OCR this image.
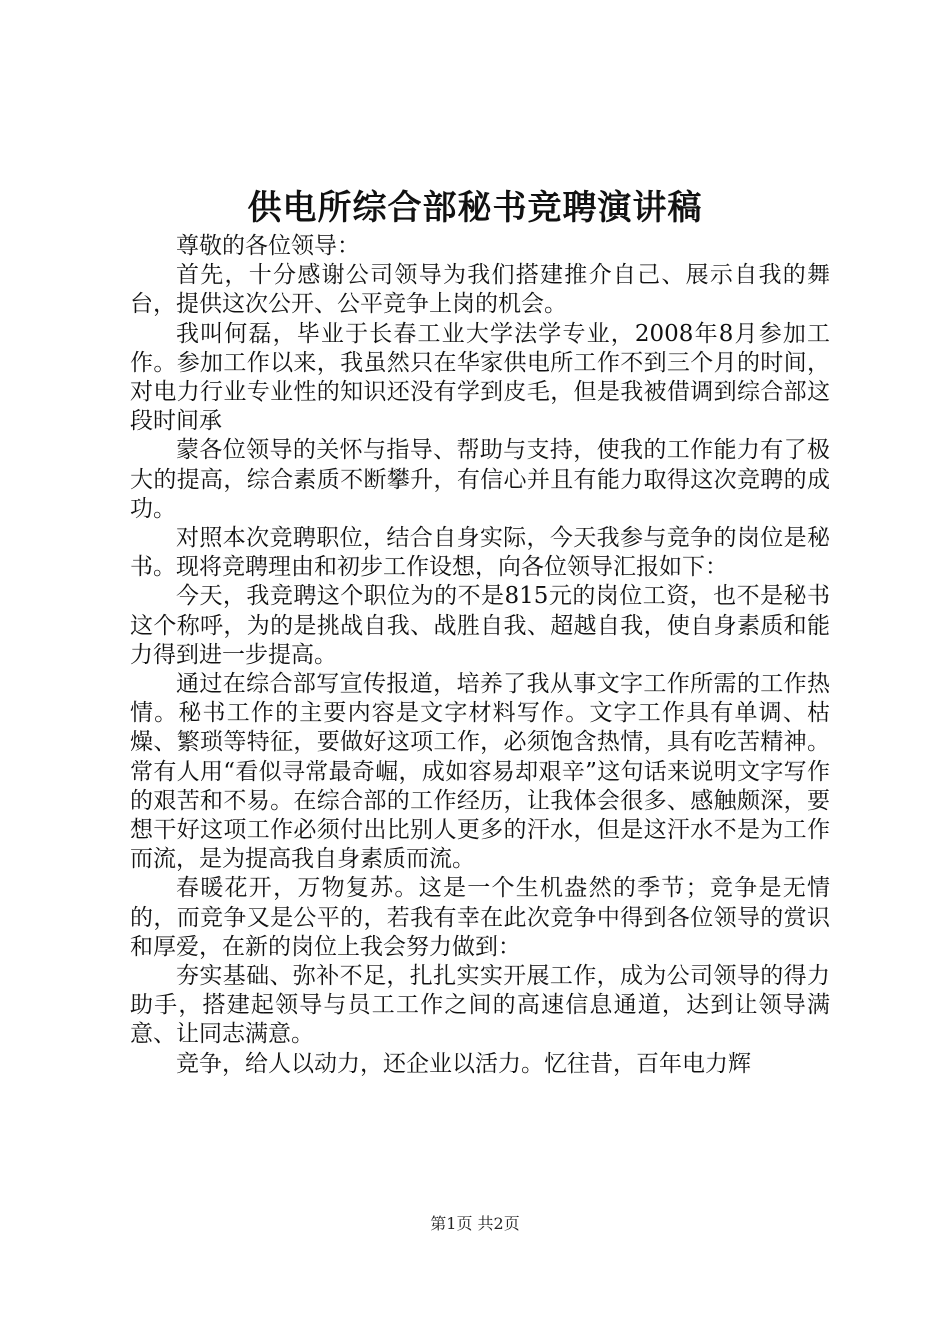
供电所综合部秘书竞聘演讲稿

尊敬的各位领导：

首先，十分感谢公司领导为我们搭建推介自己、展示自我的舞台，提供这次公开、公平竞争上岗的机会。

我叫何磊，毕业于长春工业大学法学专业，2008年8月参加工作。参加工作以来，我虽然只在华家供电所工作不到三个月的时间，对电力行业专业性的知识还没有学到皮毛，但是我被借调到综合部这段时间承

蒙各位领导的关怀与指导、帮助与支持，使我的工作能力有了极大的提高，综合素质不断攀升，有信心并且有能力取得这次竞聘的成功。

对照本次竞聘职位，结合自身实际，今天我参与竞争的岗位是秘书。现将竞聘理由和初步工作设想，向各位领导汇报如下：

今天，我竞聘这个职位为的不是815元的岗位工资，也不是秘书这个称呼，为的是挑战自我、战胜自我、超越自我，使自身素质和能力得到进一步提高。

通过在综合部写宣传报道，培养了我从事文字工作所需的工作热情。秘书工作的主要内容是文字材料写作。文字工作具有单调、枯燥、繁琐等特征，要做好这项工作，必须饱含热情，具有吃苦精神。常有人用“看似寻常最奇崛，成如容易却艰辛”这句话来说明文字写作的艰苦和不易。在综合部的工作经历，让我体会很多、感触颇深，要想干好这项工作必须付出比别人更多的汗水，但是这汗水不是为工作而流，是为提高我自身素质而流。

春暖花开，万物复苏。这是一个生机盎然的季节；竞争是无情的，而竞争又是公平的，若我有幸在此次竞争中得到各位领导的赏识和厚爱，在新的岗位上我会努力做到：

夯实基础、弥补不足，扎扎实实开展工作，成为公司领导的得力助手，搭建起领导与员工工作之间的高速信息通道，达到让领导满意、让同志满意。

竞争，给人以动力，还企业以活力。忆往昔，百年电力辉

第1页 共2页
